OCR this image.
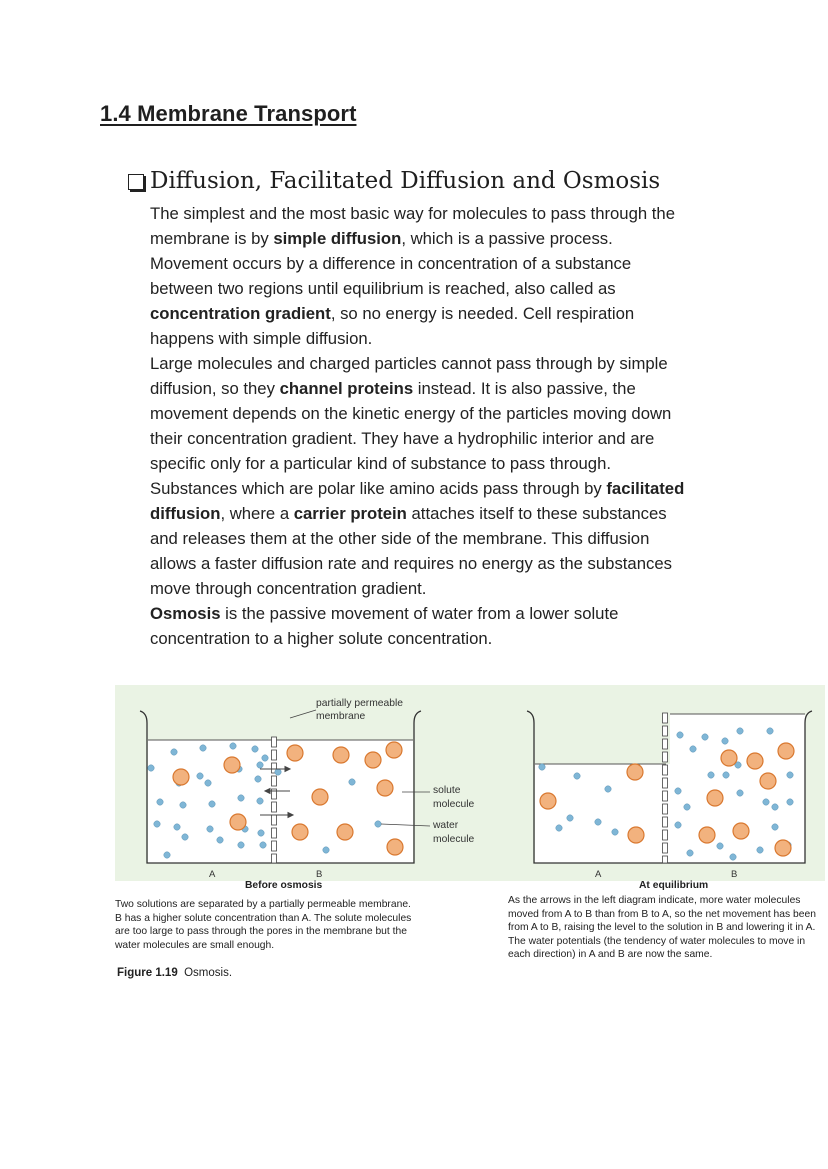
1.4 Membrane Transport
Diffusion, Facilitated Diffusion and Osmosis
The simplest and the most basic way for molecules to pass through the
membrane is by simple diffusion, which is a passive process.
Movement occurs by a difference in concentration of a substance
between two regions until equilibrium is reached, also called as
concentration gradient, so no energy is needed. Cell respiration
happens with simple diffusion.
Large molecules and charged particles cannot pass through by simple
diffusion, so they channel proteins instead. It is also passive, the
movement depends on the kinetic energy of the particles moving down
their concentration gradient. They have a hydrophilic interior and are
specific only for a particular kind of substance to pass through.
Substances which are polar like amino acids pass through by facilitated
diffusion, where a carrier protein attaches itself to these substances
and releases them at the other side of the membrane. This diffusion
allows a faster diffusion rate and requires no energy as the substances
move through concentration gradient.
Osmosis is the passive movement of water from a lower solute
concentration to a higher solute concentration.
partially permeable
membrane
solute
molecule
water
molecule
A	B	A	B
Before osmosis	At equilibrium
Two solutions are separated by a partially permeable membrane.
B has a higher solute concentration than A. The solute molecules
are too large to pass through the pores in the membrane but the
water molecules are small enough.
As the arrows in the left diagram indicate, more water molecules
moved from A to B than from B to A, so the net movement has been
from A to B, raising the level to the solution in B and lowering it in A.
The water potentials (the tendency of water molecules to move in
each direction) in A and B are now the same.
Figure 1.19 Osmosis.
